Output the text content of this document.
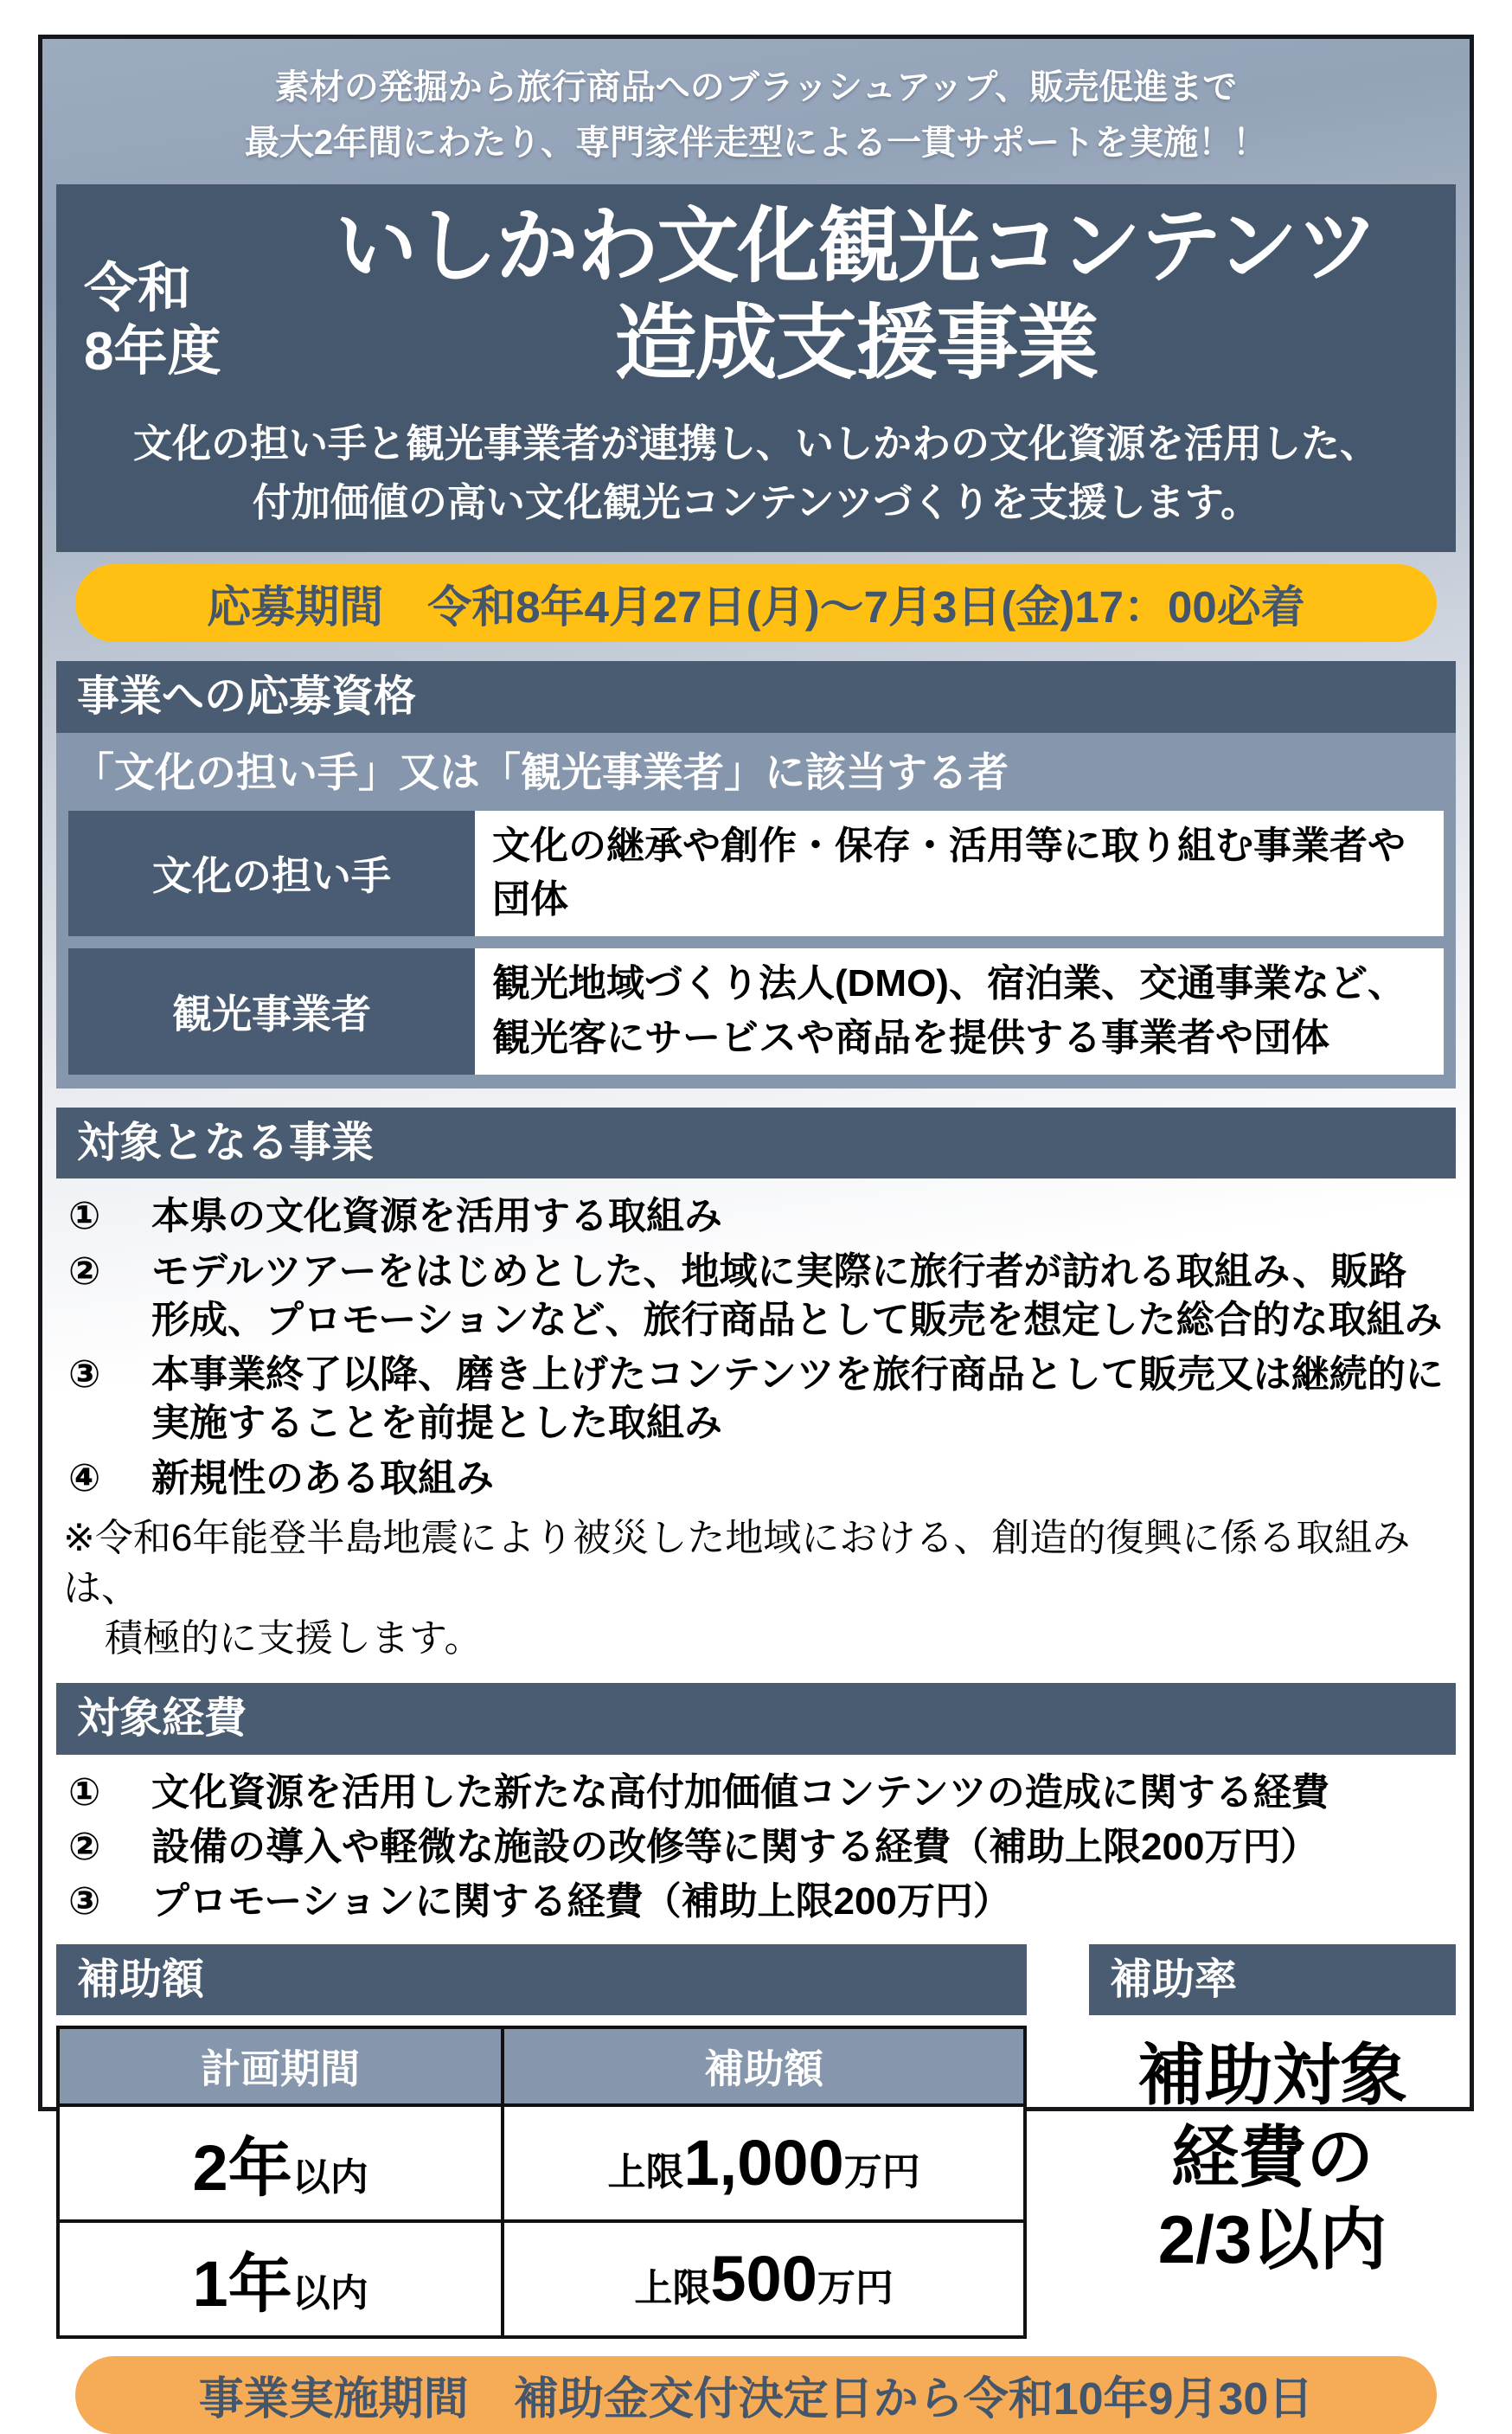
素材の発掘から旅行商品へのブラッシュアップ、販売促進まで
最大2年間にわたり、専門家伴走型による一貫サポートを実施！！
令和
8年度
いしかわ文化観光コンテンツ
造成支援事業
文化の担い手と観光事業者が連携し、いしかわの文化資源を活用した、
付加価値の高い文化観光コンテンツづくりを支援します。
応募期間　令和8年4月27日(月)～7月3日(金)17：00必着
事業への応募資格
「文化の担い手」又は「観光事業者」に該当する者
文化の担い手
文化の継承や創作・保存・活用等に取り組む事業者や団体
観光事業者
観光地域づくり法人(DMO)、宿泊業、交通事業など、観光客にサービスや商品を提供する事業者や団体
対象となる事業
①	本県の文化資源を活用する取組み
②	モデルツアーをはじめとした、地域に実際に旅行者が訪れる取組み、販路形成、プロモーションなど、旅行商品として販売を想定した総合的な取組み
③	本事業終了以降、磨き上げたコンテンツを旅行商品として販売又は継続的に実施することを前提とした取組み
④	新規性のある取組み
※令和6年能登半島地震により被災した地域における、創造的復興に係る取組みは、
積極的に支援します。
対象経費
①	文化資源を活用した新たな高付加価値コンテンツの造成に関する経費
②	設備の導入や軽微な施設の改修等に関する経費（補助上限200万円）
③	プロモーションに関する経費（補助上限200万円）
補助額
計画期間	補助額
2年以内	上限1,000万円
1年以内	上限500万円
補助率
補助対象
経費の
2/3以内
事業実施期間　補助金交付決定日から令和10年9月30日
